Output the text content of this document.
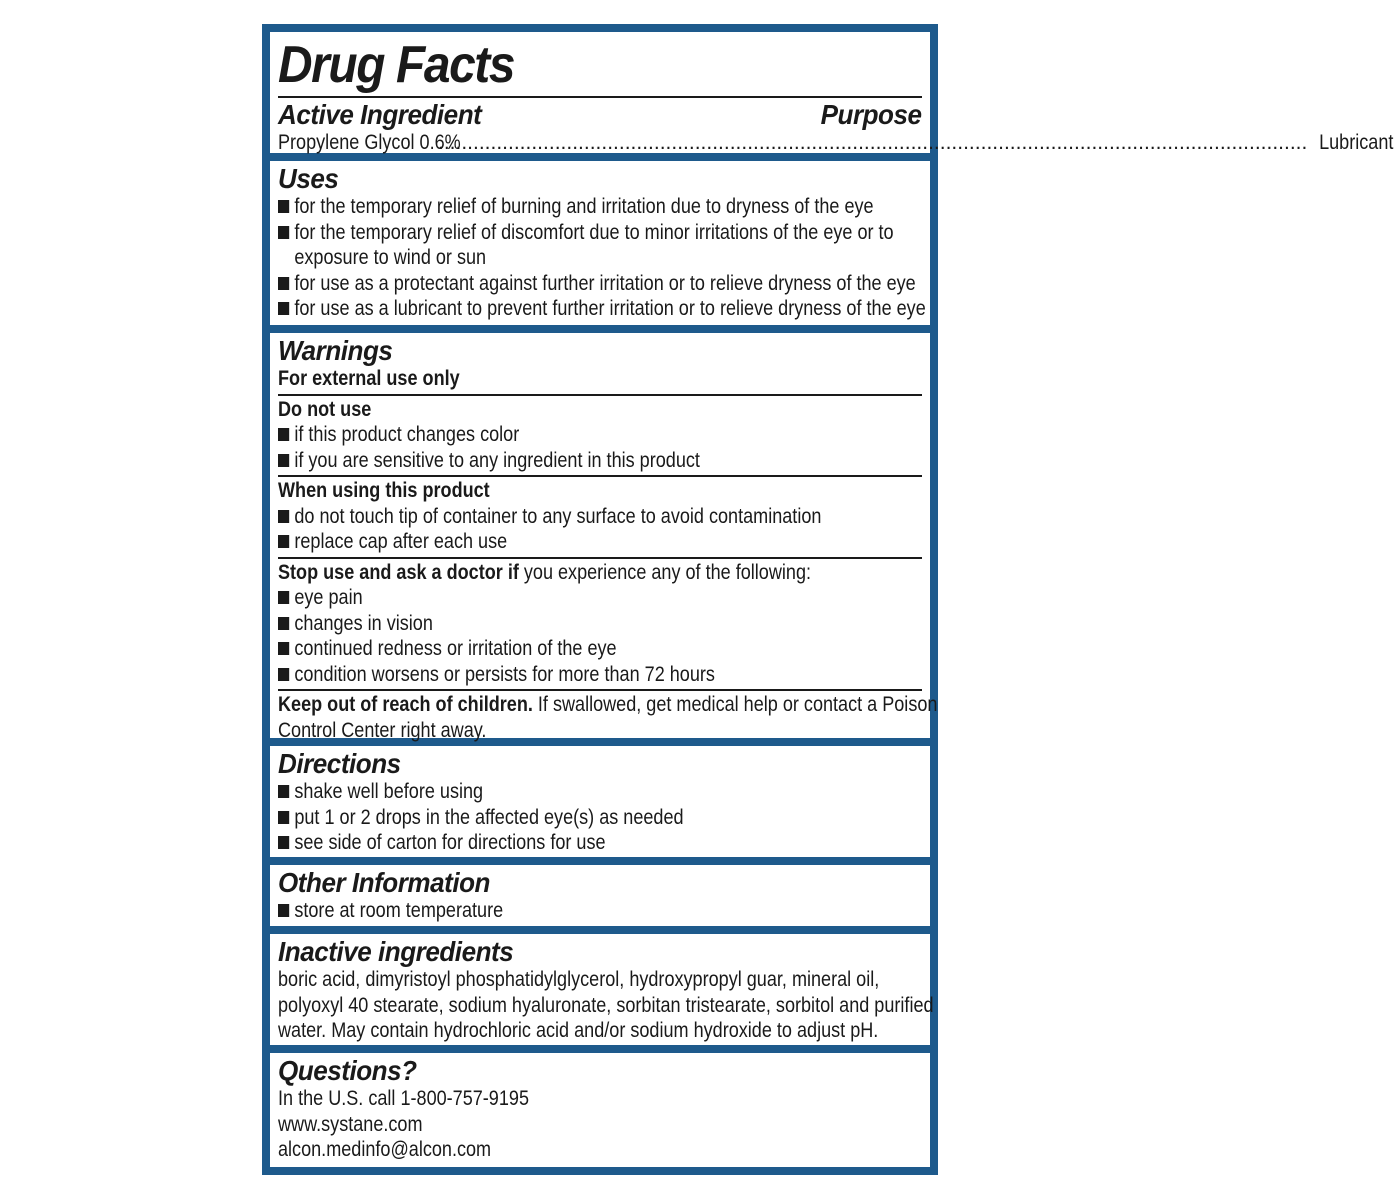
Drug Facts
Active Ingredient	Purpose
Propylene Glycol 0.6%
..................................................................................................................................................... Lubricant
Uses
for the temporary relief of burning and irritation due to dryness of the eye
for the temporary relief of discomfort due to minor irritations of the eye or to
exposure to wind or sun
for use as a protectant against further irritation or to relieve dryness of the eye
for use as a lubricant to prevent further irritation or to relieve dryness of the eye
Warnings
For external use only
Do not use
if this product changes color
if you are sensitive to any ingredient in this product
When using this product
do not touch tip of container to any surface to avoid contamination
replace cap after each use
Stop use and ask a doctor if you experience any of the following:
eye pain
changes in vision
continued redness or irritation of the eye
condition worsens or persists for more than 72 hours
Keep out of reach of children. If swallowed, get medical help or contact a Poison
Control Center right away.
Directions
shake well before using
put 1 or 2 drops in the affected eye(s) as needed
see side of carton for directions for use
Other Information
store at room temperature
Inactive ingredients
boric acid, dimyristoyl phosphatidylglycerol, hydroxypropyl guar, mineral oil,
polyoxyl 40 stearate, sodium hyaluronate, sorbitan tristearate, sorbitol and purified
water. May contain hydrochloric acid and/or sodium hydroxide to adjust pH.
Questions?
In the U.S. call 1-800-757-9195
www.systane.com
alcon.medinfo@alcon.com
